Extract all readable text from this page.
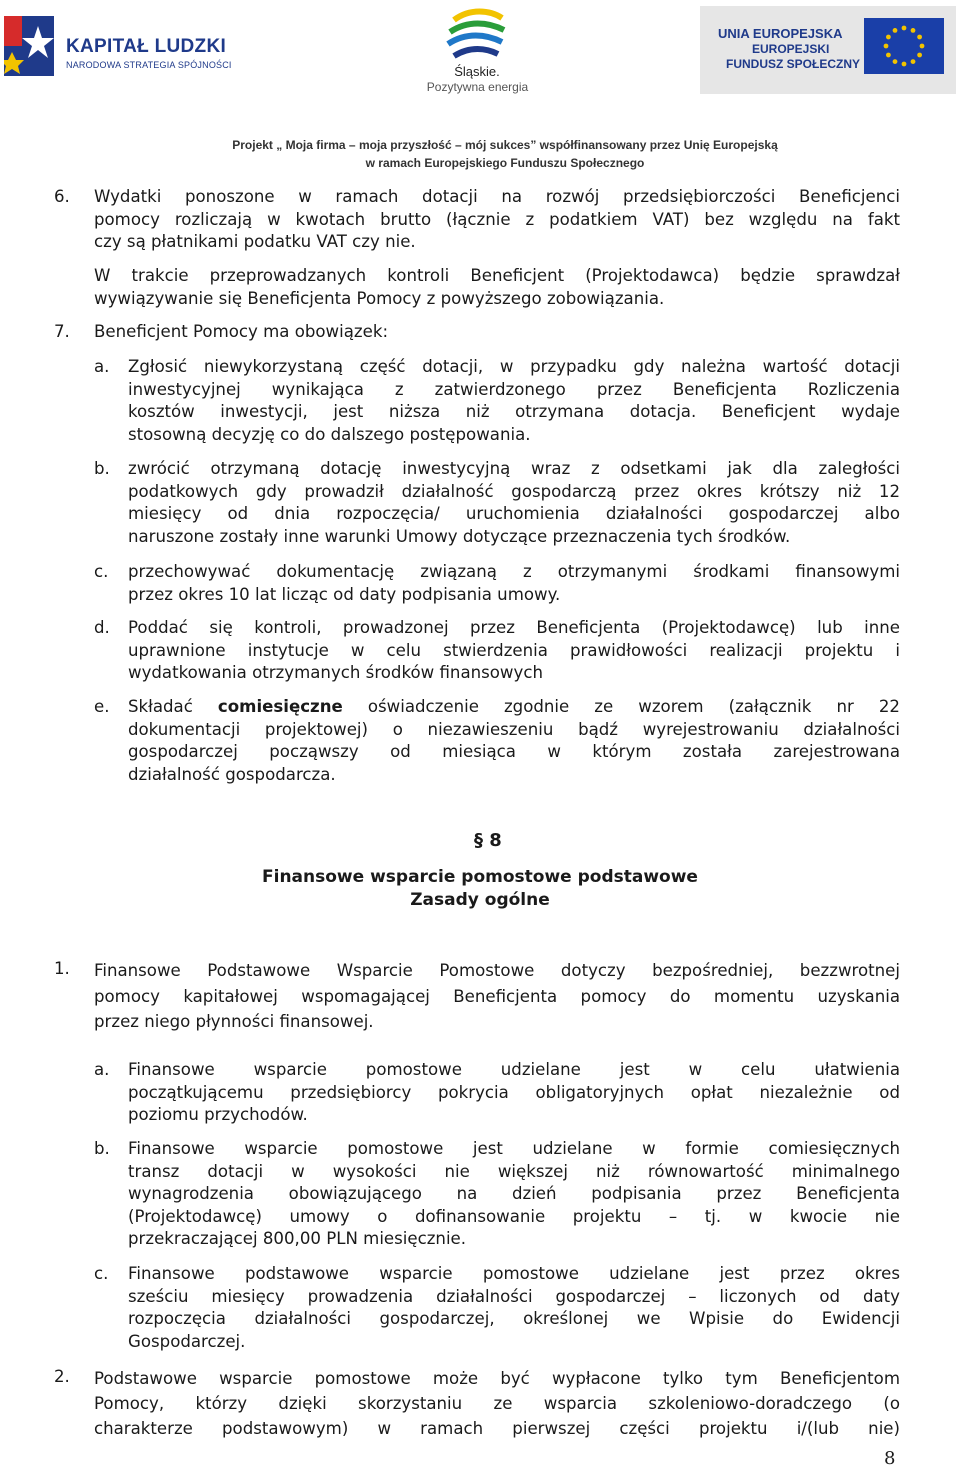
KAPITAŁ LUDZKI
NARODOWA STRATEGIA SPÓJNOŚCI	Śląskie.
Pozytywna energia
UNIA EUROPEJSKA
EUROPEJSKI
FUNDUSZ SPOŁECZNY
Projekt „ Moja firma – moja przyszłość – mój sukces” współfinansowany przez Unię Europejską
w ramach Europejskiego Funduszu Społecznego
6. Wydatki ponoszone w ramach dotacji na rozwój przedsiębiorczości Beneficjenci
pomocy rozliczają w kwotach brutto (łącznie z podatkiem VAT) bez względu na fakt
czy są płatnikami podatku VAT czy nie.
W trakcie przeprowadzanych kontroli Beneficjent (Projektodawca) będzie sprawdzał
wywiązywanie się Beneficjenta Pomocy z powyższego zobowiązania.
7. Beneficjent Pomocy ma obowiązek:
a. Zgłosić niewykorzystaną część dotacji, w przypadku gdy należna wartość dotacji
inwestycyjnej wynikająca z zatwierdzonego przez Beneficjenta Rozliczenia
kosztów inwestycji, jest niższa niż otrzymana dotacja. Beneficjent wydaje
stosowną decyzję co do dalszego postępowania.
b. zwrócić otrzymaną dotację inwestycyjną wraz z odsetkami jak dla zaległości
podatkowych gdy prowadził działalność gospodarczą przez okres krótszy niż 12
miesięcy od dnia rozpoczęcia/ uruchomienia działalności gospodarczej albo
naruszone zostały inne warunki Umowy dotyczące przeznaczenia tych środków.
c. przechowywać dokumentację związaną z otrzymanymi środkami finansowymi
przez okres 10 lat licząc od daty podpisania umowy.
d. Poddać się kontroli, prowadzonej przez Beneficjenta (Projektodawcę) lub inne
uprawnione instytucje w celu stwierdzenia prawidłowości realizacji projektu i
wydatkowania otrzymanych środków finansowych
e. Składać comiesięczne oświadczenie zgodnie ze wzorem (załącznik nr 22
dokumentacji projektowej) o niezawieszeniu bądź wyrejestrowaniu działalności
gospodarczej począwszy od miesiąca w którym została zarejestrowana
działalność gospodarcza.
§ 8
Finansowe wsparcie pomostowe podstawowe
Zasady ogólne
1. Finansowe Podstawowe Wsparcie Pomostowe dotyczy bezpośredniej, bezzwrotnej
pomocy kapitałowej wspomagającej Beneficjenta pomocy do momentu uzyskania
przez niego płynności finansowej.
a. Finansowe wsparcie pomostowe udzielane jest w celu ułatwienia
początkującemu przedsiębiorcy pokrycia obligatoryjnych opłat niezależnie od
poziomu przychodów.
b. Finansowe wsparcie pomostowe jest udzielane w formie comiesięcznych
transz dotacji w wysokości nie większej niż równowartość minimalnego
wynagrodzenia obowiązującego na dzień podpisania przez Beneficjenta
(Projektodawcę) umowy o dofinansowanie projektu – tj. w kwocie nie
przekraczającej 800,00 PLN miesięcznie.
c. Finansowe podstawowe wsparcie pomostowe udzielane jest przez okres
sześciu miesięcy prowadzenia działalności gospodarczej – liczonych od daty
rozpoczęcia działalności gospodarczej, określonej we Wpisie do Ewidencji
Gospodarczej.
2. Podstawowe wsparcie pomostowe może być wypłacone tylko tym Beneficjentom
Pomocy, którzy dzięki skorzystaniu ze wsparcia szkoleniowo-doradczego (o
charakterze podstawowym) w ramach pierwszej części projektu i/(lub nie)
8
